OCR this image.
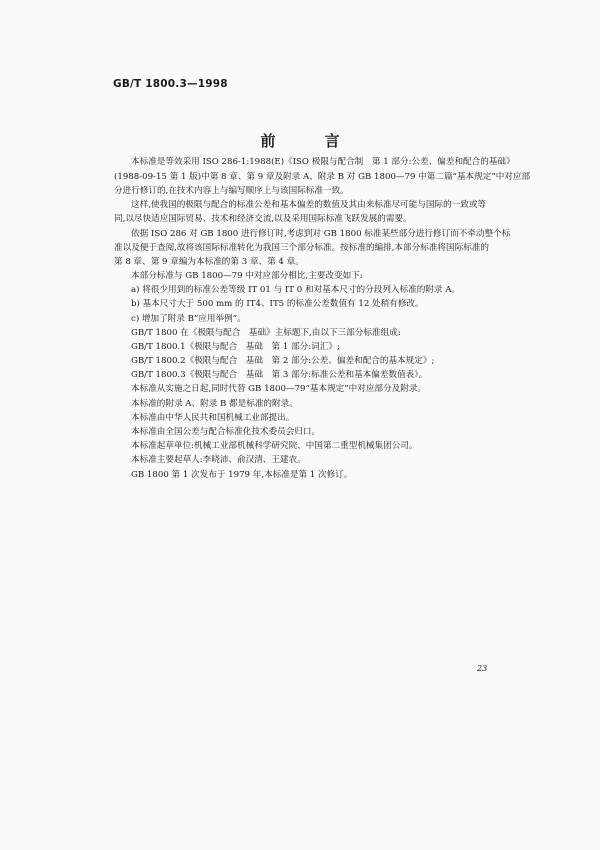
GB/T 1800.3—1998
前 言
本标准是等效采用 ISO 286-1:1988(E)《ISO 极限与配合制　第 1 部分:公差、偏差和配合的基础》
(1988-09-15 第 1 版)中第 8 章、第 9 章及附录 A、附录 B 对 GB 1800—79 中第二篇“基本规定”中对应部
分进行修订的,在技术内容上与编写顺序上与该国际标准一致。
这样,使我国的极限与配合的标准公差和基本偏差的数值及其由来标准尽可能与国际的一致或等
同,以尽快适应国际贸易、技术和经济交流,以及采用国际标准飞跃发展的需要。
依据 ISO 286 对 GB 1800 进行修订时,考虑到对 GB 1800 标准某些部分进行修订而不牵动整个标
准以及便于查阅,故将该国际标准转化为我国三个部分标准。按标准的编排,本部分标准将国际标准的
第 8 章、第 9 章编为本标准的第 3 章、第 4 章。
本部分标准与 GB 1800—79 中对应部分相比,主要改变如下:
a) 将很少用到的标准公差等级 IT 01 与 IT 0 和对基本尺寸的分段列入标准的附录 A。
b) 基本尺寸大于 500 mm 的 IT4、IT5 的标准公差数值有 12 处稍有修改。
c) 增加了附录 B“应用举例”。
GB/T 1800 在《极限与配合　基础》主标题下,由以下三部分标准组成:
GB/T 1800.1《极限与配合　基础　第 1 部分:词汇》;
GB/T 1800.2《极限与配合　基础　第 2 部分:公差、偏差和配合的基本规定》;
GB/T 1800.3《极限与配合　基础　第 3 部分:标准公差和基本偏差数值表》。
本标准从实施之日起,同时代替 GB 1800—79“基本规定”中对应部分及附录。
本标准的附录 A、附录 B 都是标准的附录。
本标准由中华人民共和国机械工业部提出。
本标准由全国公差与配合标准化技术委员会归口。
本标准起草单位:机械工业部机械科学研究院、中国第二重型机械集团公司。
本标准主要起草人:李晓沛、俞汉清、王建农。
GB 1800 第 1 次发布于 1979 年,本标准是第 1 次修订。
23
